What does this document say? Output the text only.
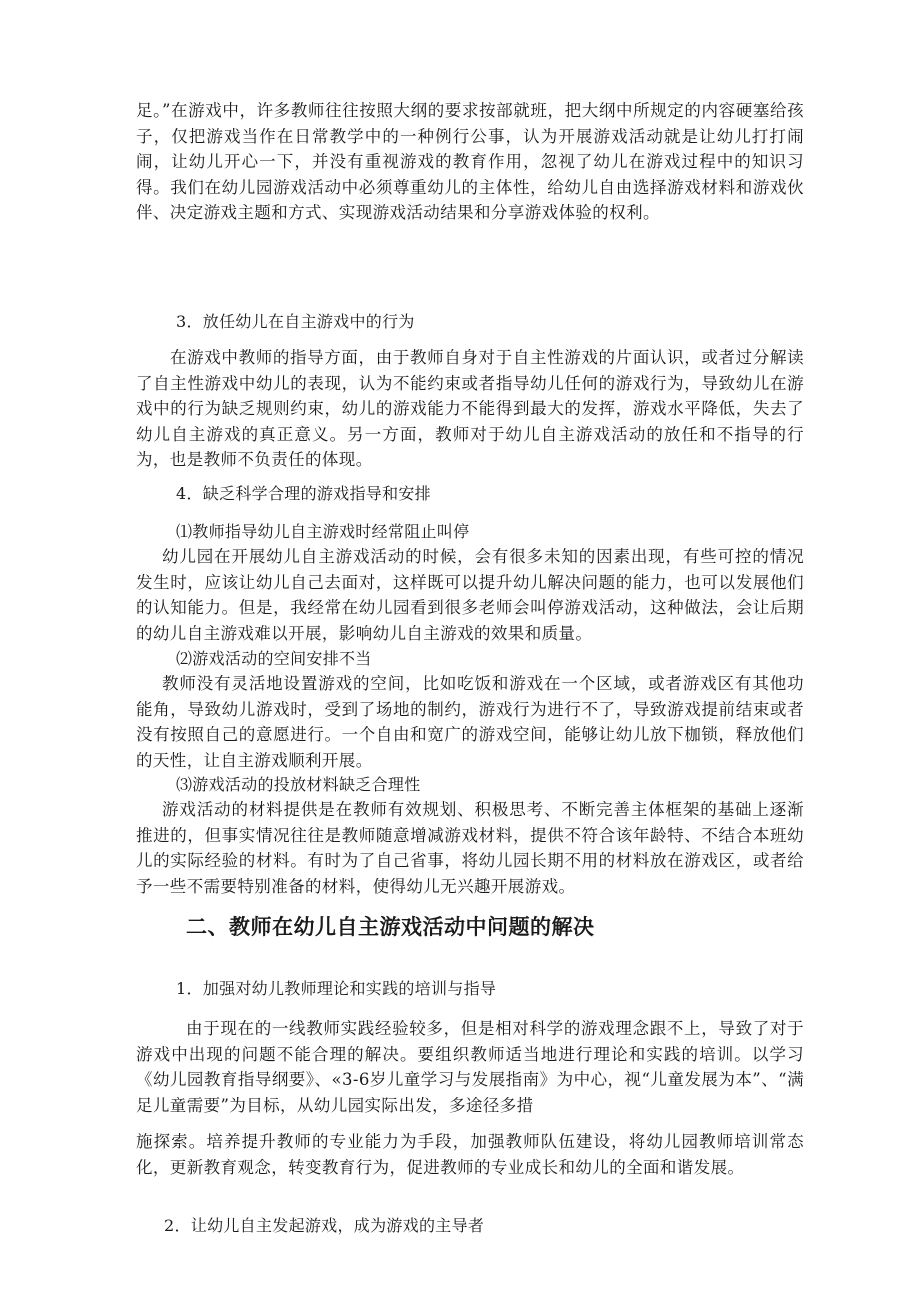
足。”在游戏中，许多教师往往按照大纲的要求按部就班，把大纲中所规定的内容硬塞给孩子，仅把游戏当作在日常教学中的一种例行公事，认为开展游戏活动就是让幼儿打打闹闹，让幼儿开心一下，并没有重视游戏的教育作用，忽视了幼儿在游戏过程中的知识习得。我们在幼儿园游戏活动中必须尊重幼儿的主体性，给幼儿自由选择游戏材料和游戏伙伴、决定游戏主题和方式、实现游戏活动结果和分享游戏体验的权利。

3．放任幼儿在自主游戏中的行为

在游戏中教师的指导方面，由于教师自身对于自主性游戏的片面认识，或者过分解读了自主性游戏中幼儿的表现，认为不能约束或者指导幼儿任何的游戏行为，导致幼儿在游戏中的行为缺乏规则约束，幼儿的游戏能力不能得到最大的发挥，游戏水平降低，失去了幼儿自主游戏的真正意义。另一方面，教师对于幼儿自主游戏活动的放任和不指导的行为，也是教师不负责任的体现。

4．缺乏科学合理的游戏指导和安排

⑴教师指导幼儿自主游戏时经常阻止叫停

幼儿园在开展幼儿自主游戏活动的时候，会有很多未知的因素出现，有些可控的情况发生时，应该让幼儿自己去面对，这样既可以提升幼儿解决问题的能力，也可以发展他们的认知能力。但是，我经常在幼儿园看到很多老师会叫停游戏活动，这种做法，会让后期的幼儿自主游戏难以开展，影响幼儿自主游戏的效果和质量。

⑵游戏活动的空间安排不当

教师没有灵活地设置游戏的空间，比如吃饭和游戏在一个区域，或者游戏区有其他功能角，导致幼儿游戏时，受到了场地的制约，游戏行为进行不了，导致游戏提前结束或者没有按照自己的意愿进行。一个自由和宽广的游戏空间，能够让幼儿放下枷锁，释放他们的天性，让自主游戏顺利开展。

⑶游戏活动的投放材料缺乏合理性

游戏活动的材料提供是在教师有效规划、积极思考、不断完善主体框架的基础上逐渐推进的，但事实情况往往是教师随意增减游戏材料，提供不符合该年龄特、不结合本班幼儿的实际经验的材料。有时为了自己省事，将幼儿园长期不用的材料放在游戏区，或者给予一些不需要特别准备的材料，使得幼儿无兴趣开展游戏。

二、教师在幼儿自主游戏活动中问题的解决

1．加强对幼儿教师理论和实践的培训与指导

由于现在的一线教师实践经验较多，但是相对科学的游戏理念跟不上，导致了对于游戏中出现的问题不能合理的解决。要组织教师适当地进行理论和实践的培训。以学习《幼儿园教育指导纲要》、«3-6岁儿童学习与发展指南》为中心，视“儿童发展为本”、“满足儿童需要”为目标，从幼儿园实际出发，多途径多措

施探索。培养提升教师的专业能力为手段，加强教师队伍建设，将幼儿园教师培训常态化，更新教育观念，转变教育行为，促进教师的专业成长和幼儿的全面和谐发展。

2．让幼儿自主发起游戏，成为游戏的主导者
